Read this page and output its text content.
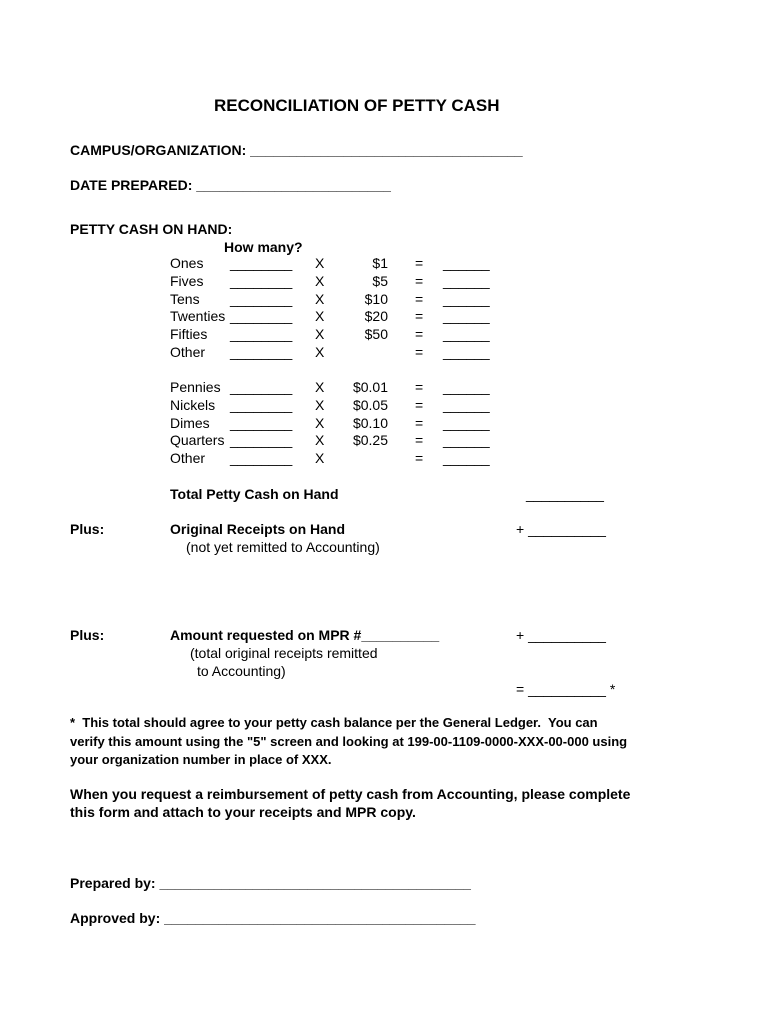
RECONCILIATION OF PETTY CASH
CAMPUS/ORGANIZATION: ___________________________________
DATE PREPARED: _________________________
PETTY CASH ON HAND:
How many?
Ones ________ X	$1 = ______
Fives ________ X	$5 = ______
Tens ________ X	$10 = ______
Twenties ________ X	$20 = ______
Fifties ________ X	$50 = ______
Other ________ X	= ______
Pennies ________ X	$0.01 = ______
Nickels ________ X	$0.05 = ______
Dimes ________ X	$0.10 = ______
Quarters ________ X	$0.25 = ______
Other ________ X	= ______
Total Petty Cash on Hand	__________
Plus:	Original Receipts on Hand
(not yet remitted to Accounting)
+ __________
Plus:	Amount requested on MPR #__________
(total original receipts remitted
to Accounting)
+ __________
= __________ *
*  This total should agree to your petty cash balance per the General Ledger.  You can
verify this amount using the "5" screen and looking at 199-00-1109-0000-XXX-00-000 using
your organization number in place of XXX.
When you request a reimbursement of petty cash from Accounting, please complete
this form and attach to your receipts and MPR copy.
Prepared by: ________________________________________
Approved by: ________________________________________
